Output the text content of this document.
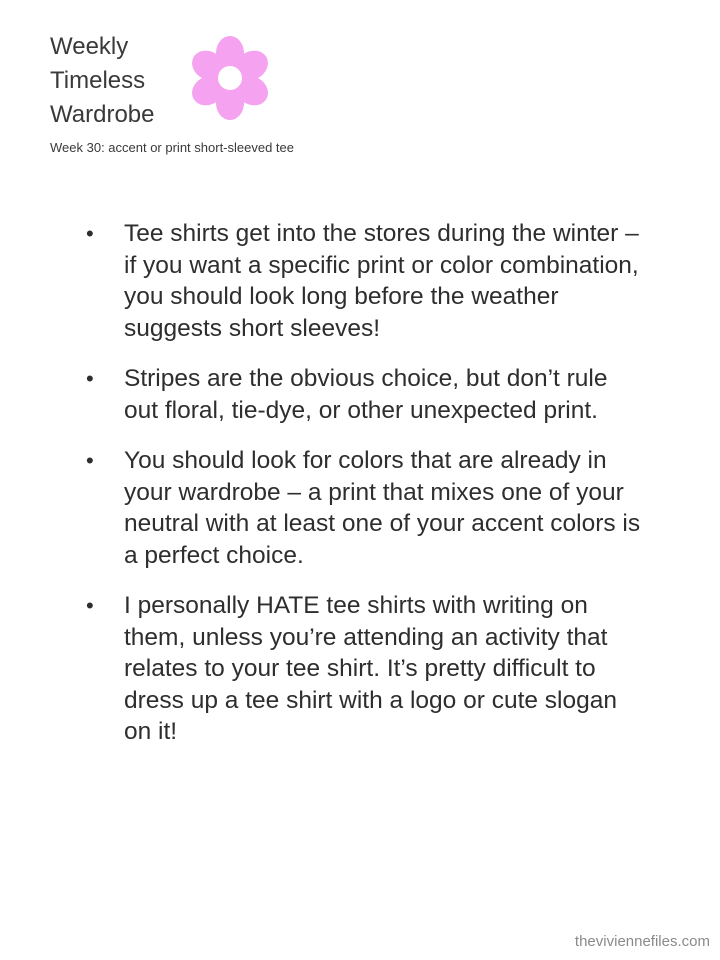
Weekly
Timeless
Wardrobe

Week 30: accent or print short-sleeved tee

• Tee shirts get into the stores during the winter – if you want a specific print or color combination, you should look long before the weather suggests short sleeves!
• Stripes are the obvious choice, but don’t rule out floral, tie-dye, or other unexpected print.
• You should look for colors that are already in your wardrobe – a print that mixes one of your neutral with at least one of your accent colors is a perfect choice.
• I personally HATE tee shirts with writing on them, unless you’re attending an activity that relates to your tee shirt. It’s pretty difficult to dress up a tee shirt with a logo or cute slogan on it!
theviviennefiles.com
